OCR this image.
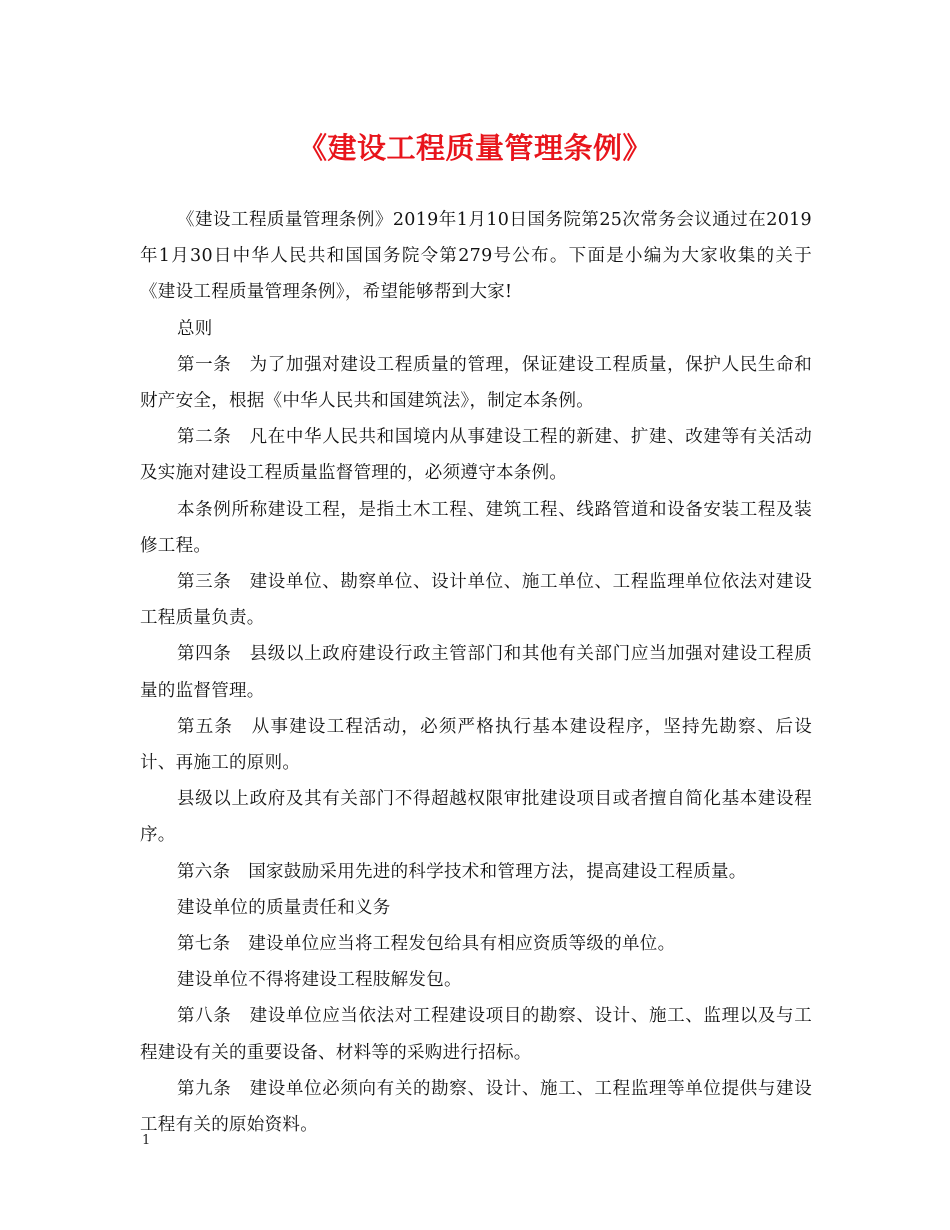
《建设工程质量管理条例》

《建设工程质量管理条例》2019年1月10日国务院第25次常务会议通过在2019年1月30日中华人民共和国国务院令第279号公布。下面是小编为大家收集的关于《建设工程质量管理条例》，希望能够帮到大家!

总则

第一条　为了加强对建设工程质量的管理，保证建设工程质量，保护人民生命和财产安全，根据《中华人民共和国建筑法》，制定本条例。

第二条　凡在中华人民共和国境内从事建设工程的新建、扩建、改建等有关活动及实施对建设工程质量监督管理的，必须遵守本条例。

本条例所称建设工程，是指土木工程、建筑工程、线路管道和设备安装工程及装修工程。

第三条　建设单位、勘察单位、设计单位、施工单位、工程监理单位依法对建设工程质量负责。

第四条　县级以上政府建设行政主管部门和其他有关部门应当加强对建设工程质量的监督管理。

第五条　从事建设工程活动，必须严格执行基本建设程序，坚持先勘察、后设计、再施工的原则。

县级以上政府及其有关部门不得超越权限审批建设项目或者擅自简化基本建设程序。

第六条　国家鼓励采用先进的科学技术和管理方法，提高建设工程质量。

建设单位的质量责任和义务

第七条　建设单位应当将工程发包给具有相应资质等级的单位。

建设单位不得将建设工程肢解发包。

第八条　建设单位应当依法对工程建设项目的勘察、设计、施工、监理以及与工程建设有关的重要设备、材料等的采购进行招标。

第九条　建设单位必须向有关的勘察、设计、施工、工程监理等单位提供与建设工程有关的原始资料。

1
